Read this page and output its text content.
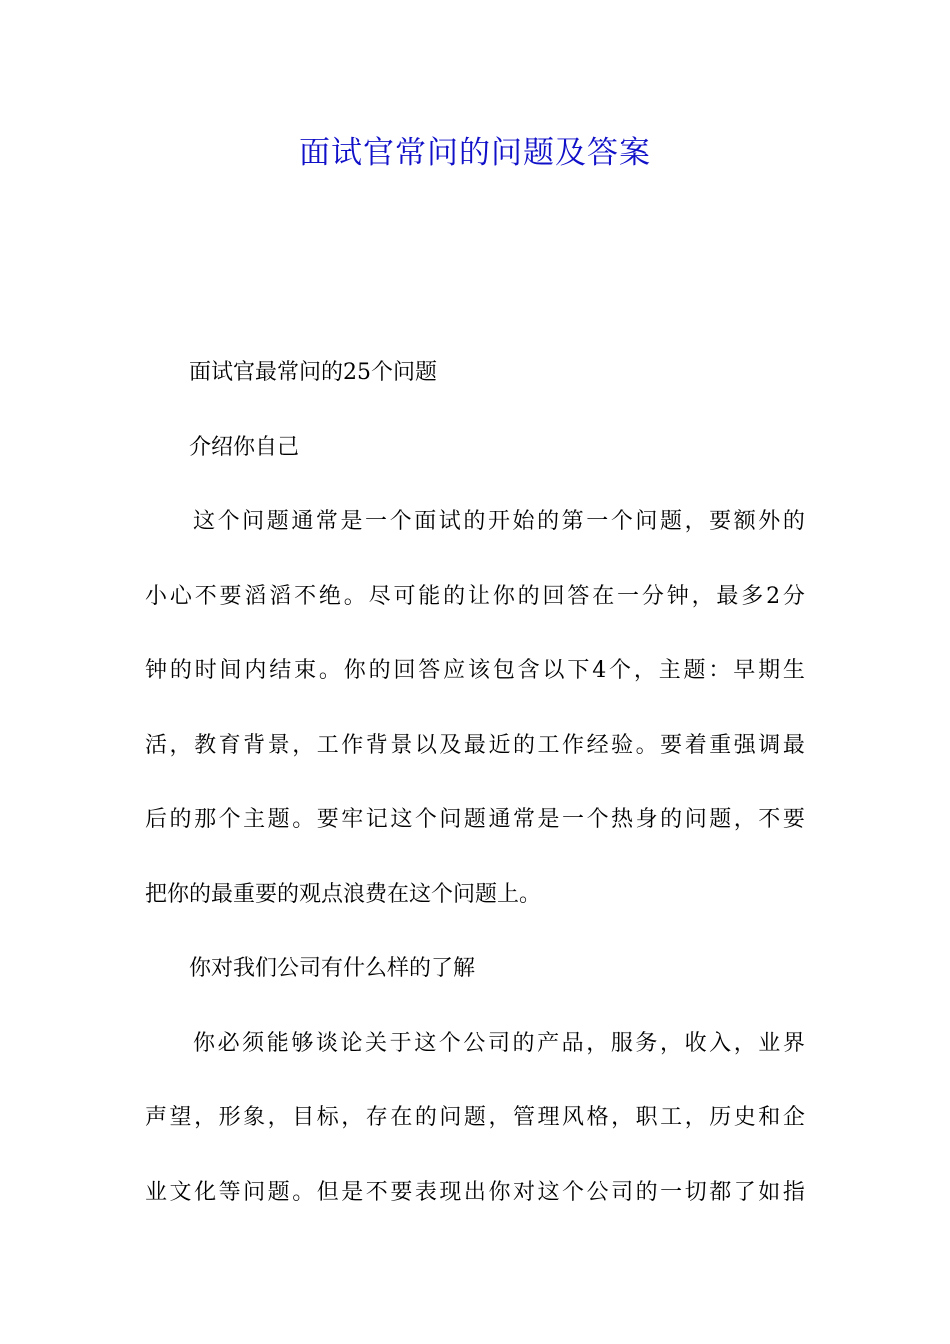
面试官常问的问题及答案

面试官最常问的25个问题

介绍你自己

这 个 问 题 通 常 是 一 个 面 试 的 开 始 的 第 一 个 问 题 ， 要 额 外 的
小 心 不 要 滔 滔 不 绝 。 尽 可 能 的 让 你 的 回 答 在 一 分 钟 ， 最 多 2 分
钟 的 时 间 内 结 束 。 你 的 回 答 应 该 包 含 以 下 4 个 ， 主 题 ： 早 期 生
活 ， 教 育 背 景 ， 工 作 背 景 以 及 最 近 的 工 作 经 验 。 要 着 重 强 调 最
后 的 那 个 主 题 。 要 牢 记 这 个 问 题 通 常 是 一 个 热 身 的 问 题 ， 不 要
把你的最重要的观点浪费在这个问题上。

你对我们公司有什么样的了解

你 必 须 能 够 谈 论 关 于 这 个 公 司 的 产 品 ， 服 务 ， 收 入 ， 业 界
声 望 ， 形 象 ， 目 标 ， 存 在 的 问 题 ， 管 理 风 格 ， 职 工 ， 历 史 和 企
业 文 化 等 问 题 。 但 是 不 要 表 现 出 你 对 这 个 公 司 的 一 切 都 了 如 指
